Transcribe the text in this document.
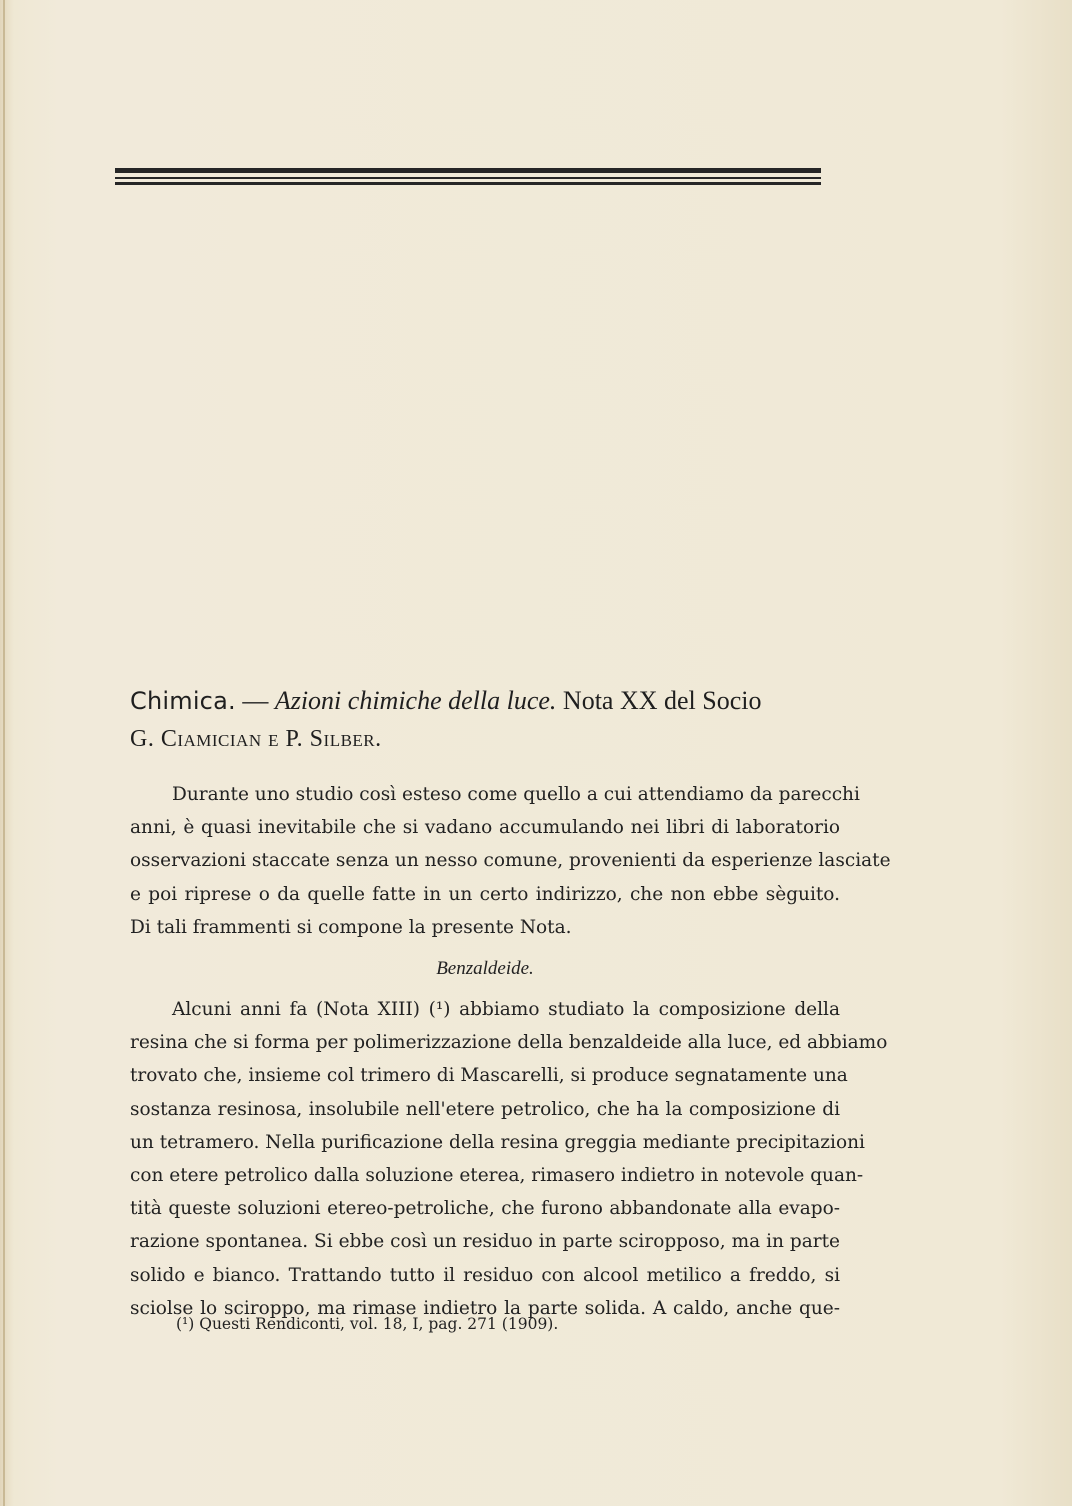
Chimica. — Azioni chimiche della luce. Nota XX del Socio
G. Ciamician e P. Silber.
Durante uno studio così esteso come quello a cui attendiamo da parecchi
anni, è quasi inevitabile che si vadano accumulando nei libri di laboratorio
osservazioni staccate senza un nesso comune, provenienti da esperienze lasciate
e poi riprese o da quelle fatte in un certo indirizzo, che non ebbe sèguito.
Di tali frammenti si compone la presente Nota.
Benzaldeide.
Alcuni anni fa (Nota XIII) (¹) abbiamo studiato la composizione della
resina che si forma per polimerizzazione della benzaldeide alla luce, ed abbiamo
trovato che, insieme col trimero di Mascarelli, si produce segnatamente una
sostanza resinosa, insolubile nell'etere petrolico, che ha la composizione di
un tetramero. Nella purificazione della resina greggia mediante precipitazioni
con etere petrolico dalla soluzione eterea, rimasero indietro in notevole quan-
tità queste soluzioni etereo-petroliche, che furono abbandonate alla evapo-
razione spontanea. Si ebbe così un residuo in parte sciropposo, ma in parte
solido e bianco. Trattando tutto il residuo con alcool metilico a freddo, si
sciolse lo sciroppo, ma rimase indietro la parte solida. A caldo, anche que-
(¹) Questi Rendiconti, vol. 18, I, pag. 271 (1909).
